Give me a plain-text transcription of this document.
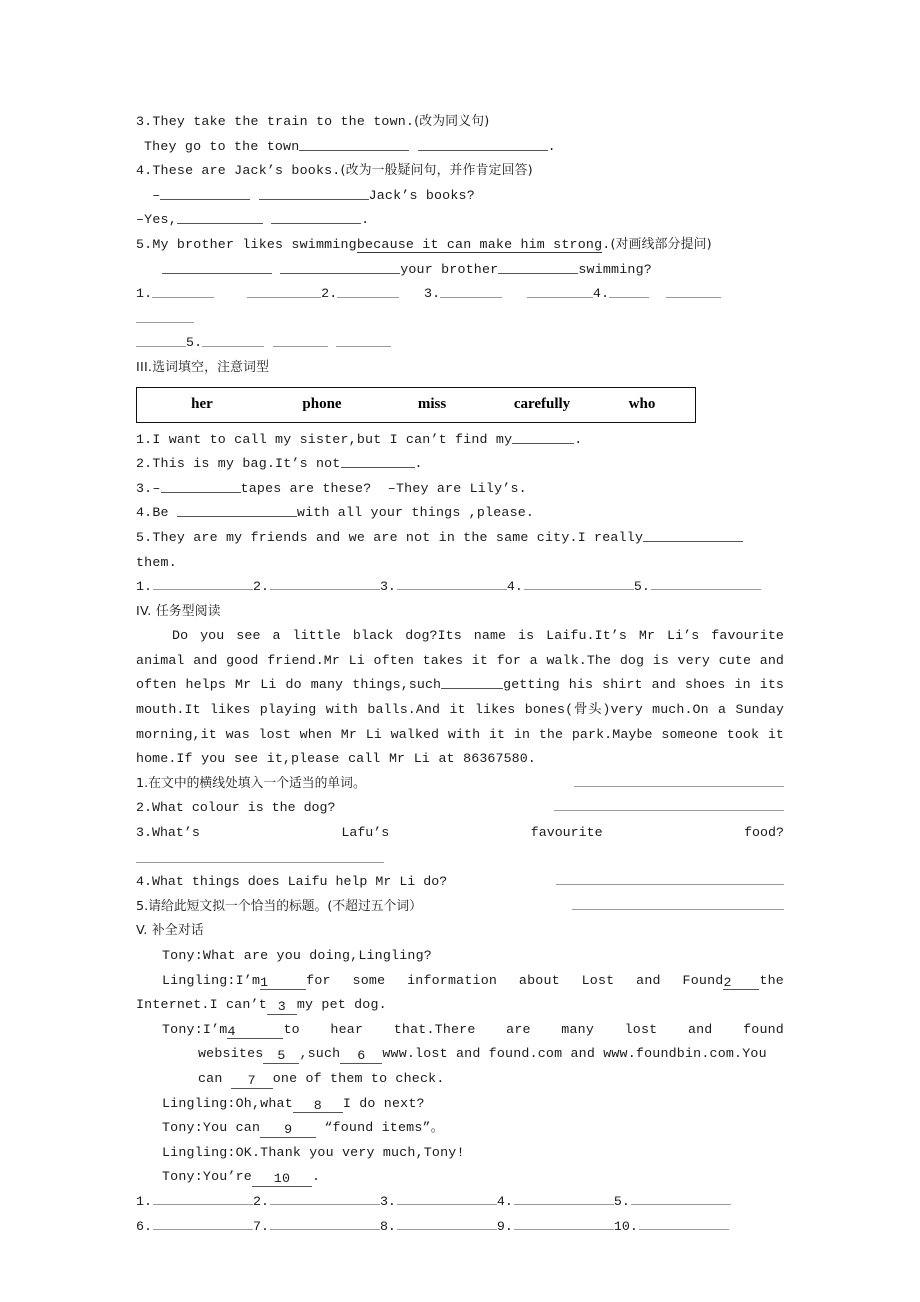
3.They take the train to the town.(改为同义句)
They go to the town	.
4.These are Jack’s books.(改为一般疑问句，并作肯定回答)
–	Jack’s books?
–Yes,	.
5.My brother likes swimmingbecause it can make him strong.(对画线部分提问)
your brother	swimming?
1.	2.	3.	4.
5.
III.选词填空，注意词型
her	phone	miss	carefully	who
1.I want to call my sister,but I can’t find my	.
2.This is my bag.It’s not	.
3.–	tapes are these?  –They are Lily’s.
4.Be	with all your things ,please.
5.They are my friends and we are not in the same city.I reallythem.
1.	2.	3.	4.	5.
IV. 任务型阅读
Do you see a little black dog?Its name is Laifu.It’s Mr Li’s favourite animal and good friend.Mr Li often takes it for a walk.The dog is very cute and often helps Mr Li do many things,such	getting his shirt and shoes in its mouth.It likes playing with balls.And it likes bones(骨头)very much.On a Sunday morning,it was lost when Mr Li walked with it in the park.Maybe someone took it home.If you see it,please call Mr Li at 86367580.
1.在文中的横线处填入一个适当的单词。
2.What colour is the dog?
3.What’s	Lafu’s	favourite	food?
4.What things does Laifu help Mr Li do?
5.请给此短文拟一个恰当的标题。(不超过五个词）
V. 补全对话
Tony:What are you doing,Lingling?
Lingling:I’m1	for  some  information  about  Lost  and  Found2 the
Internet.I can’t 3 my pet dog.
Tony:I’m4	to   hear   that.There   are   many   lost   and   found
websites 5 ,such 6 www.lost and found.com and www.foundbin.com.You
can 7 one of them to check.
Lingling:Oh,what 8 I do next?
Tony:You can 9 “found items”。
Lingling:OK.Thank you very much,Tony!
Tony:You’re 10 .
1.	2.	3.	4.	5.
6.	7.	8.	9.	10.
